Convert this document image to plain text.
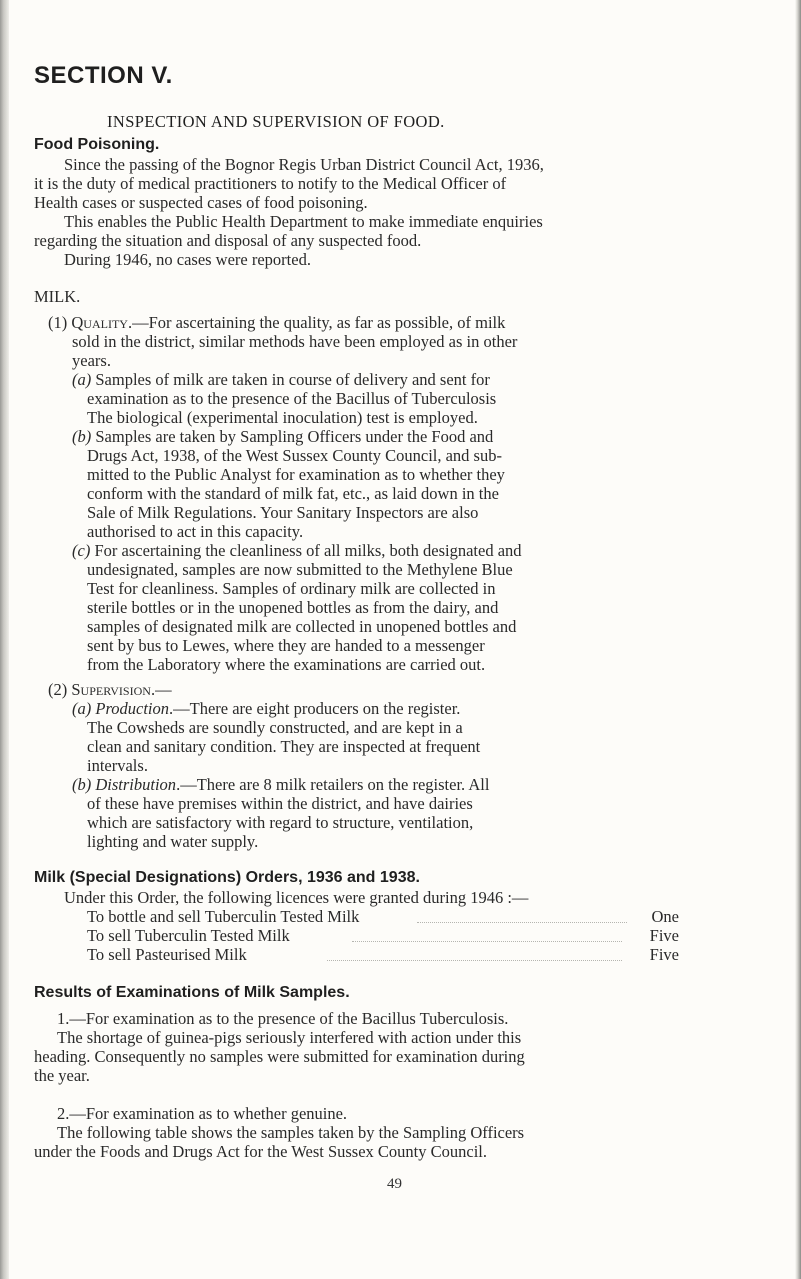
SECTION V.
INSPECTION AND SUPERVISION OF FOOD.

Food Poisoning.

Since the passing of the Bognor Regis Urban District Council Act, 1936,

it is the duty of medical practitioners to notify to the Medical Officer of

Health cases or suspected cases of food poisoning.

This enables the Public Health Department to make immediate enquiries

regarding the situation and disposal of any suspected food.

During 1946, no cases were reported.

MILK.

(1) Quality.—For ascertaining the quality, as far as possible, of milk

sold in the district, similar methods have been employed as in other

years.

(a) Samples of milk are taken in course of delivery and sent for

examination as to the presence of the Bacillus of Tuberculosis

The biological (experimental inoculation) test is employed.

(b) Samples are taken by Sampling Officers under the Food and

Drugs Act, 1938, of the West Sussex County Council, and sub-

mitted to the Public Analyst for examination as to whether they

conform with the standard of milk fat, etc., as laid down in the

Sale of Milk Regulations. Your Sanitary Inspectors are also

authorised to act in this capacity.

(c) For ascertaining the cleanliness of all milks, both designated and

undesignated, samples are now submitted to the Methylene Blue

Test for cleanliness. Samples of ordinary milk are collected in

sterile bottles or in the unopened bottles as from the dairy, and

samples of designated milk are collected in unopened bottles and

sent by bus to Lewes, where they are handed to a messenger

from the Laboratory where the examinations are carried out.

(2) Supervision.—

(a) Production.—There are eight producers on the register.

The Cowsheds are soundly constructed, and are kept in a

clean and sanitary condition. They are inspected at frequent

intervals.

(b) Distribution.—There are 8 milk retailers on the register. All

of these have premises within the district, and have dairies

which are satisfactory with regard to structure, ventilation,

lighting and water supply.

Milk (Special Designations) Orders, 1936 and 1938.

Under this Order, the following licences were granted during 1946 :—

To bottle and sell Tuberculin Tested Milk	One
To sell Tuberculin Tested Milk	Five
To sell Pasteurised Milk	Five

Results of Examinations of Milk Samples.

1.—For examination as to the presence of the Bacillus Tuberculosis.

The shortage of guinea-pigs seriously interfered with action under this

heading. Consequently no samples were submitted for examination during

the year.

2.—For examination as to whether genuine.

The following table shows the samples taken by the Sampling Officers

under the Foods and Drugs Act for the West Sussex County Council.

49
